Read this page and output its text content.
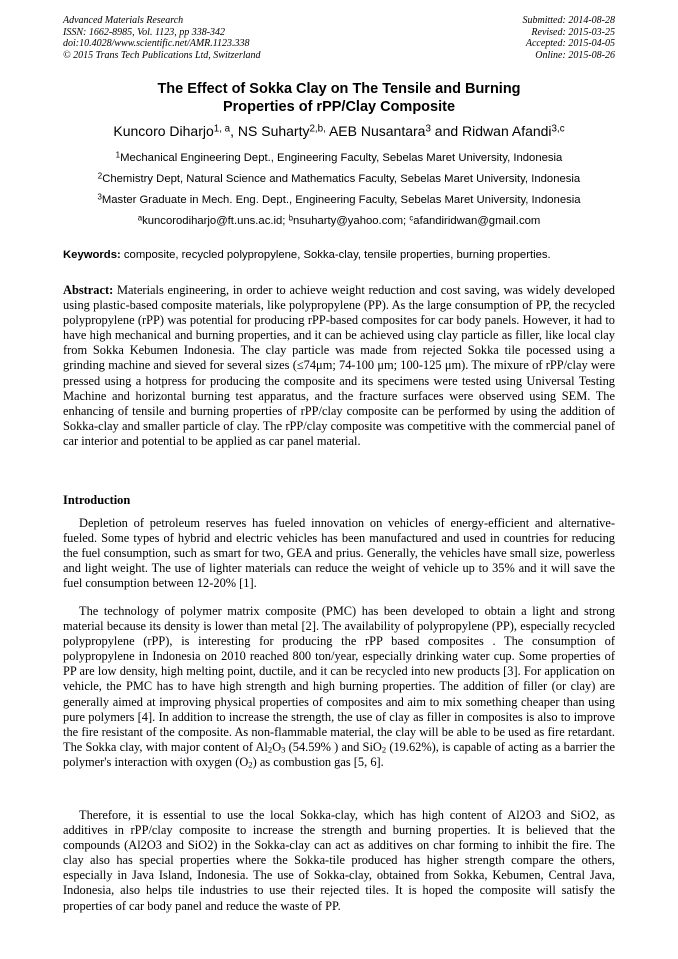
Advanced Materials Research
ISSN: 1662-8985, Vol. 1123, pp 338-342
doi:10.4028/www.scientific.net/AMR.1123.338
© 2015 Trans Tech Publications Ltd, Switzerland
Submitted: 2014-08-28
Revised: 2015-03-25
Accepted: 2015-04-05
Online: 2015-08-26
The Effect of Sokka Clay on The Tensile and Burning
Properties of rPP/Clay Composite
Kuncoro Diharjo$^{1, a}$, NS Suharty$^{2,b,}$ AEB Nusantara$^3$ and Ridwan Afandi$^{3,c}$
$^1$Mechanical Engineering Dept., Engineering Faculty, Sebelas Maret University, Indonesia
$^2$Chemistry Dept, Natural Science and Mathematics Faculty, Sebelas Maret University, Indonesia
$^3$Master Graduate in Mech. Eng. Dept., Engineering Faculty, Sebelas Maret University, Indonesia
$^a$kuncorodiharjo@ft.uns.ac.id; $^b$nsuharty@yahoo.com; $^c$afandiridwan@gmail.com
Keywords: composite, recycled polypropylene, Sokka-clay, tensile properties, burning properties.
Abstract: Materials engineering, in order to achieve weight reduction and cost saving, was widely developed using plastic-based composite materials, like polypropylene (PP). As the large consumption of PP, the recycled polypropylene (rPP) was potential for producing rPP-based composites for car body panels. However, it had to have high mechanical and burning properties, and it can be achieved using clay particle as filler, like local clay from Sokka Kebumen Indonesia. The clay particle was made from rejected Sokka tile pocessed using a grinding machine and sieved for several sizes (≤74μm; 74-100 μm; 100-125 μm). The mixure of rPP/clay were pressed using a hotpress for producing the composite and its specimens were tested using Universal Testing Machine and horizontal burning test apparatus, and the fracture surfaces were observed using SEM. The enhancing of tensile and burning properties of rPP/clay composite can be performed by using the addition of Sokka-clay and smaller particle of clay. The rPP/clay composite was competitive with the commercial panel of car interior and potential to be applied as car panel material.
Introduction
Depletion of petroleum reserves has fueled innovation on vehicles of energy-efficient and alternative-fueled. Some types of hybrid and electric vehicles has been manufactured and used in countries for reducing the fuel consumption, such as smart for two, GEA and prius. Generally, the vehicles have small size, powerless and light weight. The use of lighter materials can reduce the weight of vehicle up to 35% and it will save the fuel consumption between 12-20% [1].
The technology of polymer matrix composite (PMC) has been developed to obtain a light and strong material because its density is lower than metal [2]. The availability of polypropylene (PP), especially recycled polypropylene (rPP), is interesting for producing the rPP based composites . The consumption of polypropylene in Indonesia on 2010 reached 800 ton/year, especially drinking water cup. Some properties of PP are low density, high melting point, ductile, and it can be recycled into new products [3]. For application on vehicle, the PMC has to have high strength and high burning properties. The addition of filler (or clay) are generally aimed at improving physical properties of composites and aim to mix something cheaper than using pure polymers [4]. In addition to increase the strength, the use of clay as filler in composites is also to improve the fire resistant of the composite. As non-flammable material, the clay will be able to be used as fire retardant. The Sokka clay, with major content of $Al_2O_3$ (54.59% ) and SiO$_2$ (19.62%), is capable of acting as a barrier the polymer's interaction with oxygen $(O_2)$ as combustion gas [5, 6].
Therefore, it is essential to use the local Sokka-clay, which has high content of Al2O3 and SiO2, as additives in rPP/clay composite to increase the strength and burning properties. It is believed that the compounds (Al2O3 and SiO2) in the Sokka-clay can act as additives on char forming to inhibit the fire. The clay also has special properties where the Sokka-tile produced has higher strength compare the others, especially in Java Island, Indonesia. The use of Sokka-clay, obtained from Sokka, Kebumen, Central Java, Indonesia, also helps tile industries to use their rejected tiles. It is hoped the composite will satisfy the properties of car body panel and reduce the waste of PP.
